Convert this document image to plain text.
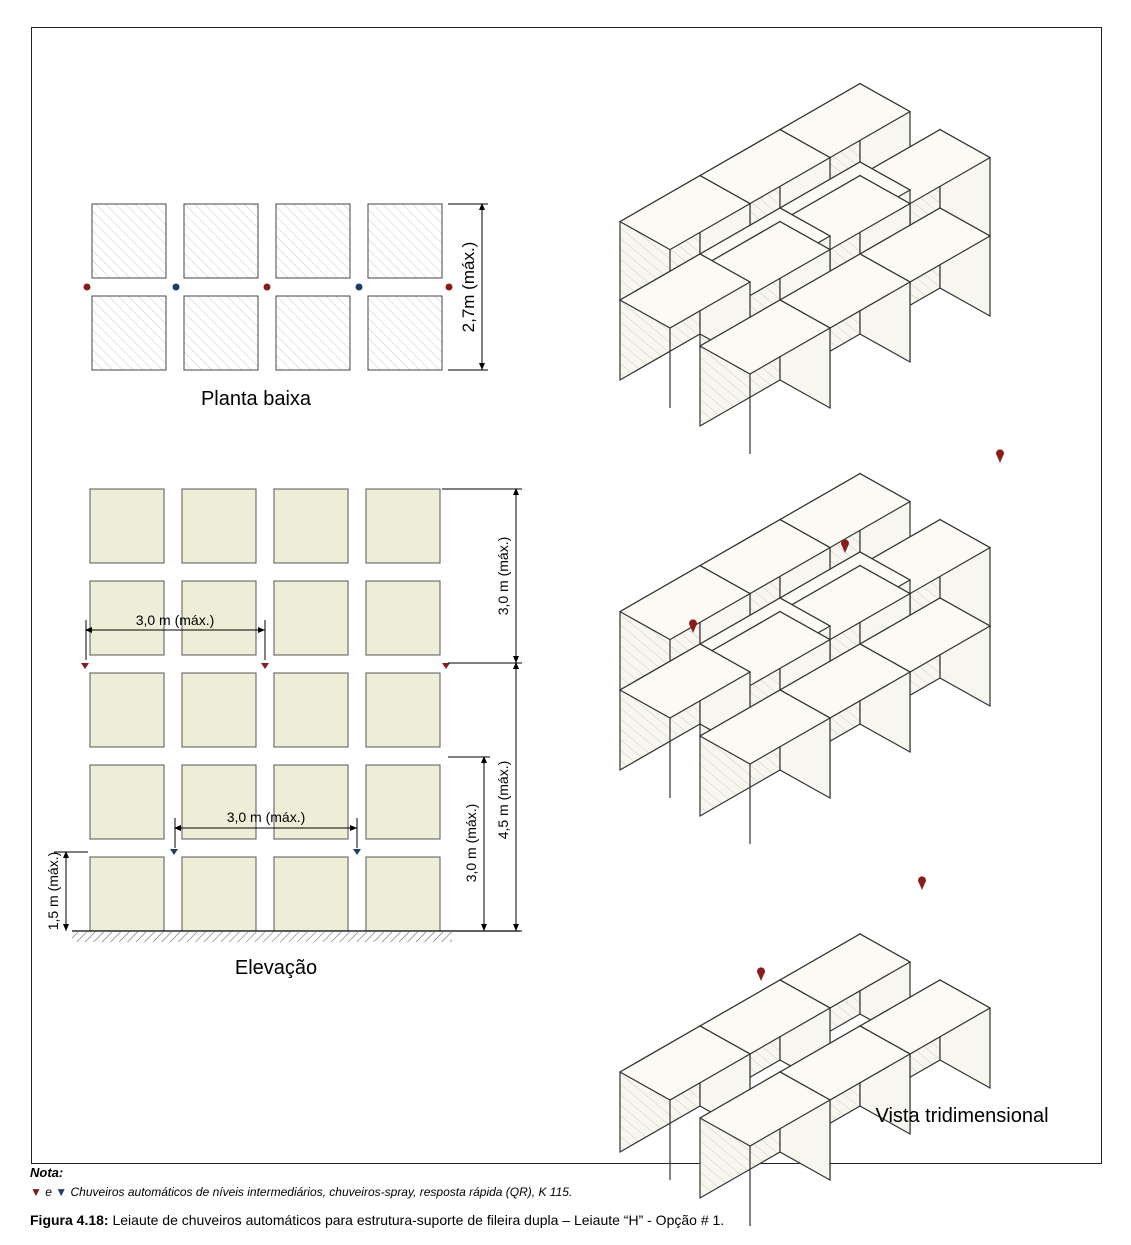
2,7m (máx.)
Planta baixa
3,0 m (máx.)
3,0 m (máx.)
3,0 m (máx.)
4,5 m (máx.)
3,0 m (máx.)
1,5 m (máx.)
Elevação
Vista tridimensional
Nota:
▼ e ▼ Chuveiros automáticos de níveis intermediários, chuveiros-spray, resposta rápida (QR), K 115.
Figura 4.18: Leiaute de chuveiros automáticos para estrutura-suporte de fileira dupla – Leiaute “H” - Opção # 1.
